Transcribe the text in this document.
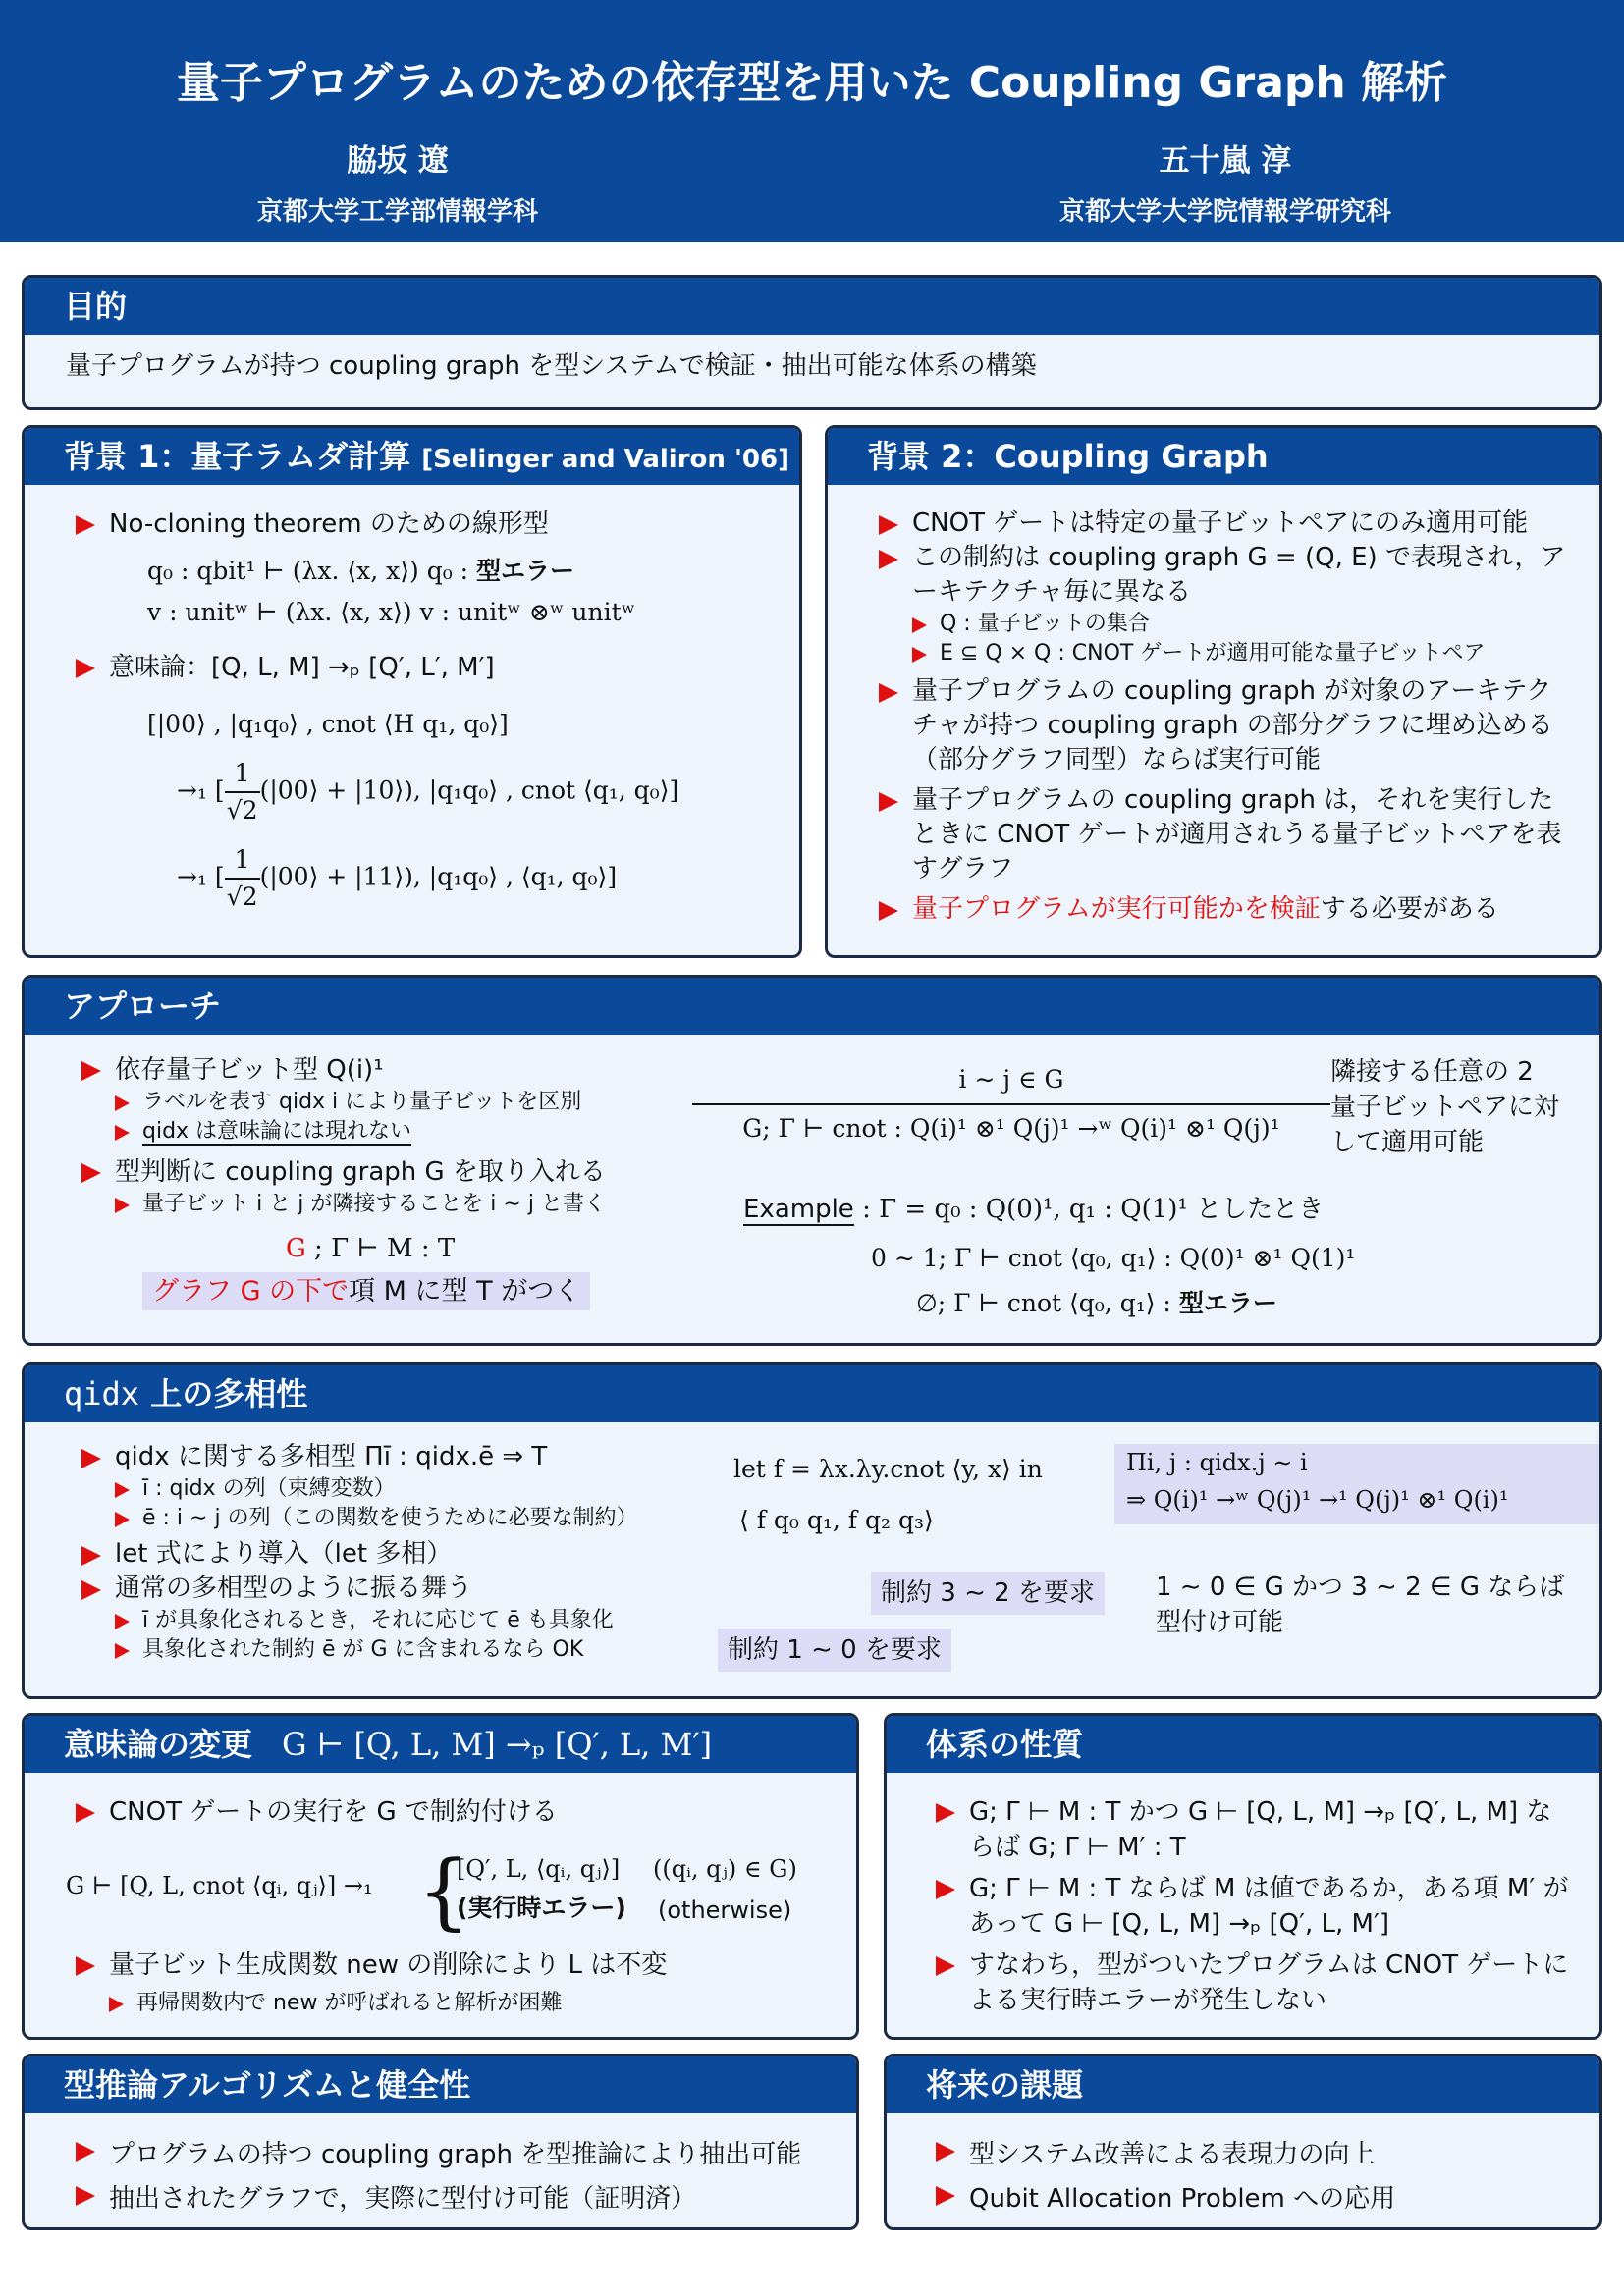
量子プログラムのための依存型を用いた Coupling Graph 解析
脇坂 遼
京都大学工学部情報学科
五十嵐 淳
京都大学大学院情報学研究科
目的
量子プログラムが持つ coupling graph を型システムで検証・抽出可能な体系の構築
背景 1：量子ラムダ計算 [Selinger and Valiron '06]
No-cloning theorem のための線形型
q₀ : qbit¹ ⊢ (λx. ⟨x, x⟩) q₀ : 型エラー
v : unitʷ ⊢ (λx. ⟨x, x⟩) v : unitʷ ⊗ʷ unitʷ
意味論：[Q, L, M] →ₚ [Q′, L′, M′]
[|00⟩ , |q₁q₀⟩ , cnot ⟨H q₁, q₀⟩]
→₁ [ $\frac{1}{√2}$ (|00⟩ + |10⟩), |q₁q₀⟩ , cnot ⟨q₁, q₀⟩]
→₁ [ $\frac{1}{√2}$ (|00⟩ + |11⟩), |q₁q₀⟩ , ⟨q₁, q₀⟩]
背景 2：Coupling Graph
CNOT ゲートは特定の量子ビットペアにのみ適用可能
この制約は coupling graph G = (Q, E) で表現され，アーキテクチャ毎に異なる
Q : 量子ビットの集合
E ⊆ Q × Q : CNOT ゲートが適用可能な量子ビットペア
量子プログラムの coupling graph が対象のアーキテクチャが持つ coupling graph の部分グラフに埋め込める（部分グラフ同型）ならば実行可能
量子プログラムの coupling graph は，それを実行したときに CNOT ゲートが適用されうる量子ビットペアを表すグラフ
量子プログラムが実行可能かを検証する必要がある
アプローチ
依存量子ビット型 Q(i)¹
ラベルを表す qidx i により量子ビットを区別
qidx は意味論には現れない
型判断に coupling graph G を取り入れる
量子ビット i と j が隣接することを i ∼ j と書く
G ; Γ ⊢ M : T
グラフ G の下で項 M に型 T がつく
i ∼ j ∈ G
G; Γ ⊢ cnot : Q(i)¹ ⊗¹ Q(j)¹ →ʷ Q(i)¹ ⊗¹ Q(j)¹
隣接する任意の 2 量子ビットペアに対して適用可能
Example : Γ = q₀ : Q(0)¹, q₁ : Q(1)¹ としたとき
0 ∼ 1; Γ ⊢ cnot ⟨q₀, q₁⟩ : Q(0)¹ ⊗¹ Q(1)¹
∅; Γ ⊢ cnot ⟨q₀, q₁⟩ : 型エラー
qidx 上の多相性
qidx に関する多相型 Πī : qidx.ē ⇒ T
ī : qidx の列（束縛変数）
ē : i ∼ j の列（この関数を使うために必要な制約）
let 式により導入（let 多相）
通常の多相型のように振る舞う
ī が具象化されるとき，それに応じて ē も具象化
具象化された制約 ē が G に含まれるなら OK
let f = λx.λy.cnot ⟨y, x⟩ in
⟨ f q₀ q₁, f q₂ q₃⟩
Πi, j : qidx.j ∼ i
⇒ Q(i)¹ →ʷ Q(j)¹ →¹ Q(j)¹ ⊗¹ Q(i)¹
制約 3 ∼ 2 を要求
制約 1 ∼ 0 を要求
1 ∼ 0 ∈ G かつ 3 ∼ 2 ∈ G ならば型付け可能
意味論の変更 G ⊢ [Q, L, M] →ₚ [Q′, L, M′]
CNOT ゲートの実行を G で制約付ける
G ⊢ [Q, L, cnot ⟨qᵢ, qⱼ⟩] →₁ {
[Q′, L, ⟨qᵢ, qⱼ⟩] ((qᵢ, qⱼ) ∈ G)
(実行時エラー) (otherwise)
量子ビット生成関数 new の削除により L は不変
再帰関数内で new が呼ばれると解析が困難
体系の性質
G; Γ ⊢ M : T かつ G ⊢ [Q, L, M] →ₚ [Q′, L, M] ならば G; Γ ⊢ M′ : T
G; Γ ⊢ M : T ならば M は値であるか，ある項 M′ があって G ⊢ [Q, L, M] →ₚ [Q′, L, M′]
すなわち，型がついたプログラムは CNOT ゲートによる実行時エラーが発生しない
型推論アルゴリズムと健全性
プログラムの持つ coupling graph を型推論により抽出可能
抽出されたグラフで，実際に型付け可能（証明済）
将来の課題
型システム改善による表現力の向上
Qubit Allocation Problem への応用
